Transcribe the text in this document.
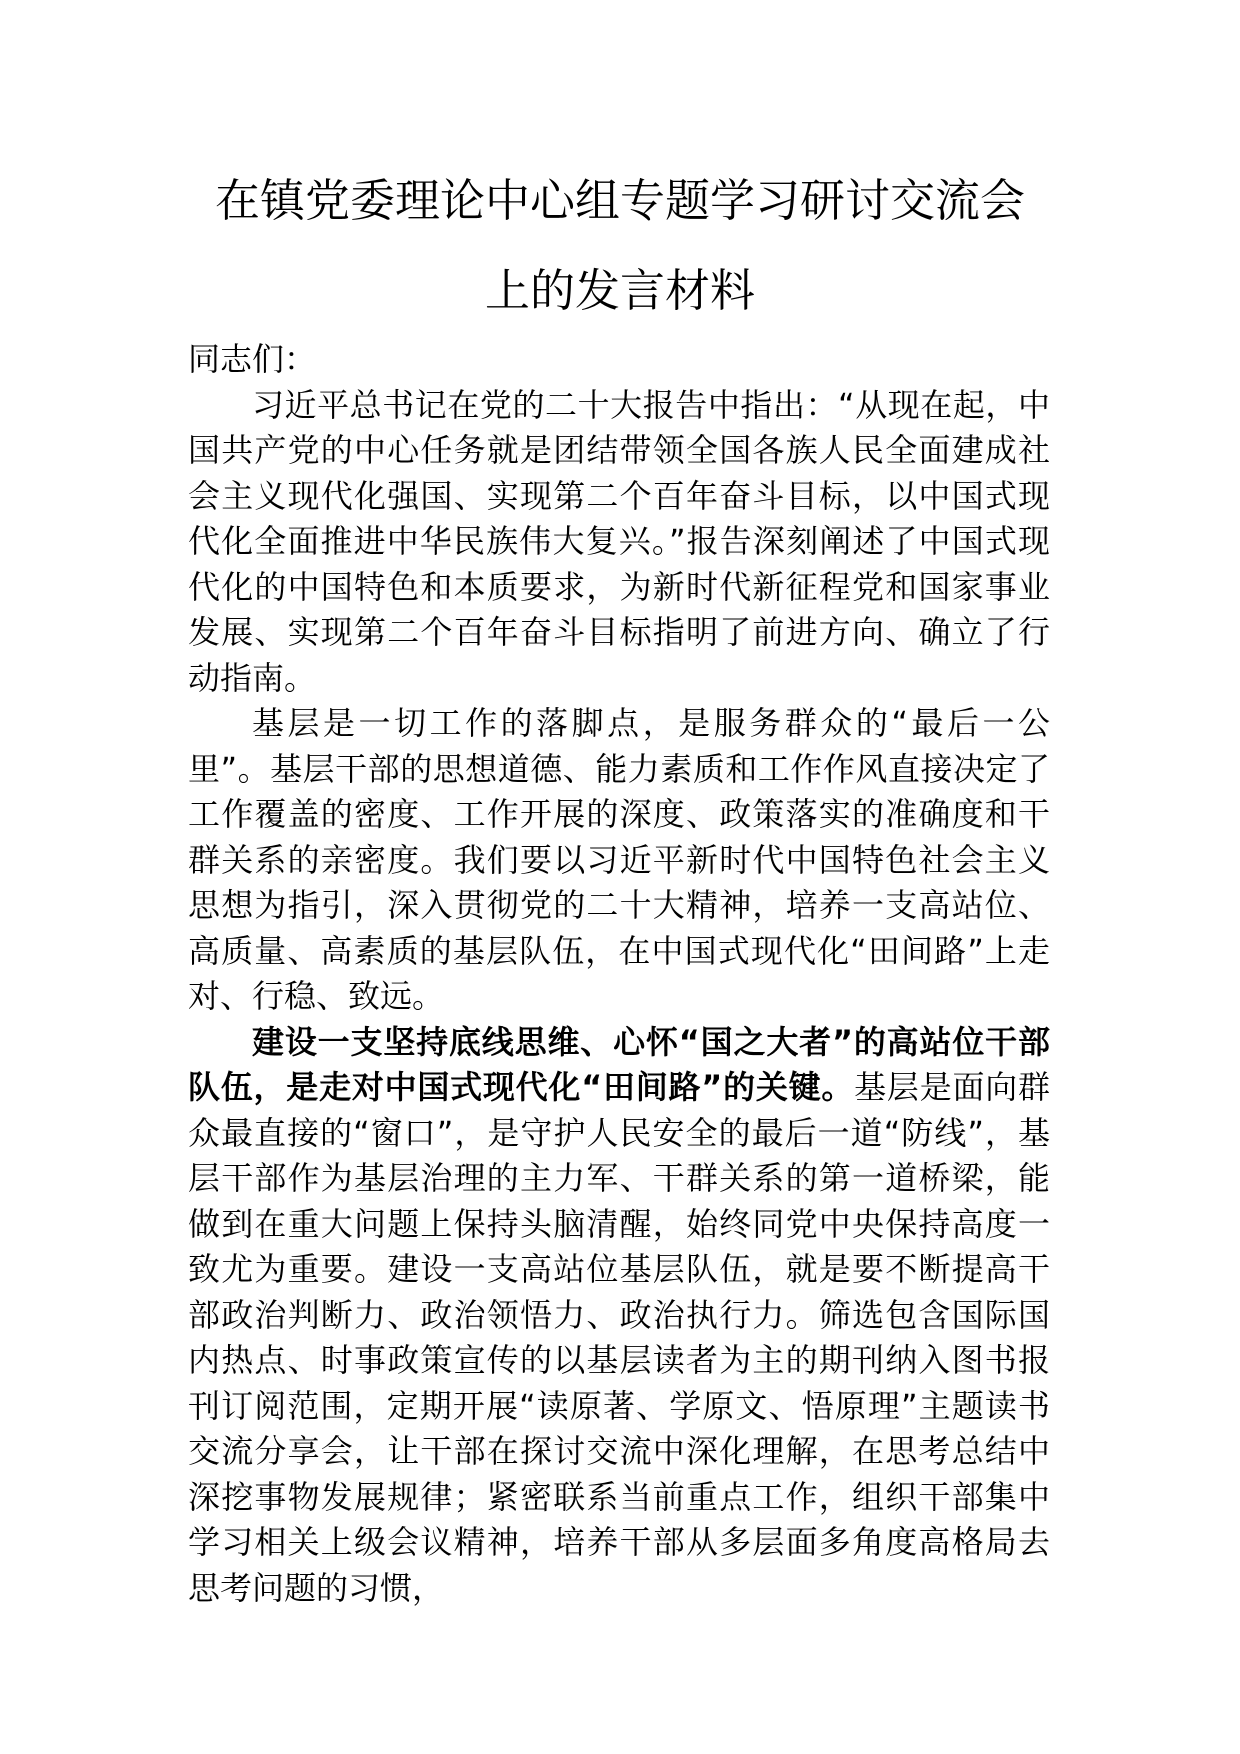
在镇党委理论中心组专题学习研讨交流会
上的发言材料

同志们：

习近平总书记在党的二十大报告中指出：“从现在起，中国共产党的中心任务就是团结带领全国各族人民全面建成社会主义现代化强国、实现第二个百年奋斗目标，以中国式现代化全面推进中华民族伟大复兴。”报告深刻阐述了中国式现代化的中国特色和本质要求，为新时代新征程党和国家事业发展、实现第二个百年奋斗目标指明了前进方向、确立了行动指南。

基层是一切工作的落脚点，是服务群众的“最后一公里”。基层干部的思想道德、能力素质和工作作风直接决定了工作覆盖的密度、工作开展的深度、政策落实的准确度和干群关系的亲密度。我们要以习近平新时代中国特色社会主义思想为指引，深入贯彻党的二十大精神，培养一支高站位、高质量、高素质的基层队伍，在中国式现代化“田间路”上走对、行稳、致远。

建设一支坚持底线思维、心怀“国之大者”的高站位干部队伍，是走对中国式现代化“田间路”的关键。基层是面向群众最直接的“窗口”，是守护人民安全的最后一道“防线”，基层干部作为基层治理的主力军、干群关系的第一道桥梁，能做到在重大问题上保持头脑清醒，始终同党中央保持高度一致尤为重要。建设一支高站位基层队伍，就是要不断提高干部政治判断力、政治领悟力、政治执行力。筛选包含国际国内热点、时事政策宣传的以基层读者为主的期刊纳入图书报刊订阅范围，定期开展“读原著、学原文、悟原理”主题读书交流分享会，让干部在探讨交流中深化理解，在思考总结中深挖事物发展规律；紧密联系当前重点工作，组织干部集中学习相关上级会议精神，培养干部从多层面多角度高格局去思考问题的习惯，
